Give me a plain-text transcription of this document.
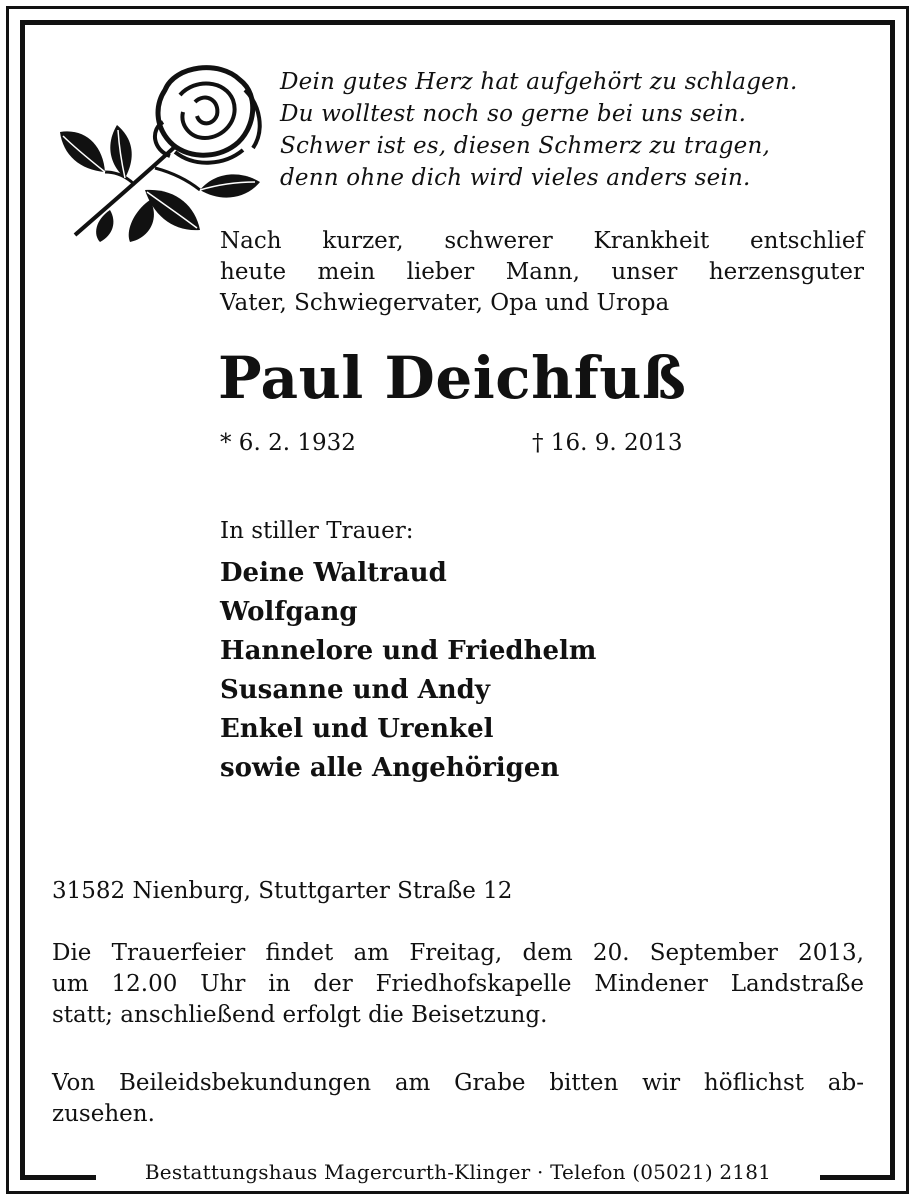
Dein gutes Herz hat aufgehört zu schlagen.
Du wolltest noch so gerne bei uns sein.
Schwer ist es, diesen Schmerz zu tragen,
denn ohne dich wird vieles anders sein.
Nach kurzer, schwerer Krankheit entschlief
heute mein lieber Mann, unser herzensguter
Vater, Schwiegervater, Opa und Uropa
Paul Deichfuß
* 6. 2. 1932	† 16. 9. 2013
In stiller Trauer:
Deine Waltraud
Wolfgang
Hannelore und Friedhelm
Susanne und Andy
Enkel und Urenkel
sowie alle Angehörigen
31582 Nienburg, Stuttgarter Straße 12
Die Trauerfeier findet am Freitag, dem 20. September 2013,
um 12.00 Uhr in der Friedhofskapelle Mindener Landstraße
statt; anschließend erfolgt die Beisetzung.
Von Beileidsbekundungen am Grabe bitten wir höflichst ab-
zusehen.
Bestattungshaus Magercurth-Klinger · Telefon (05021) 2181
